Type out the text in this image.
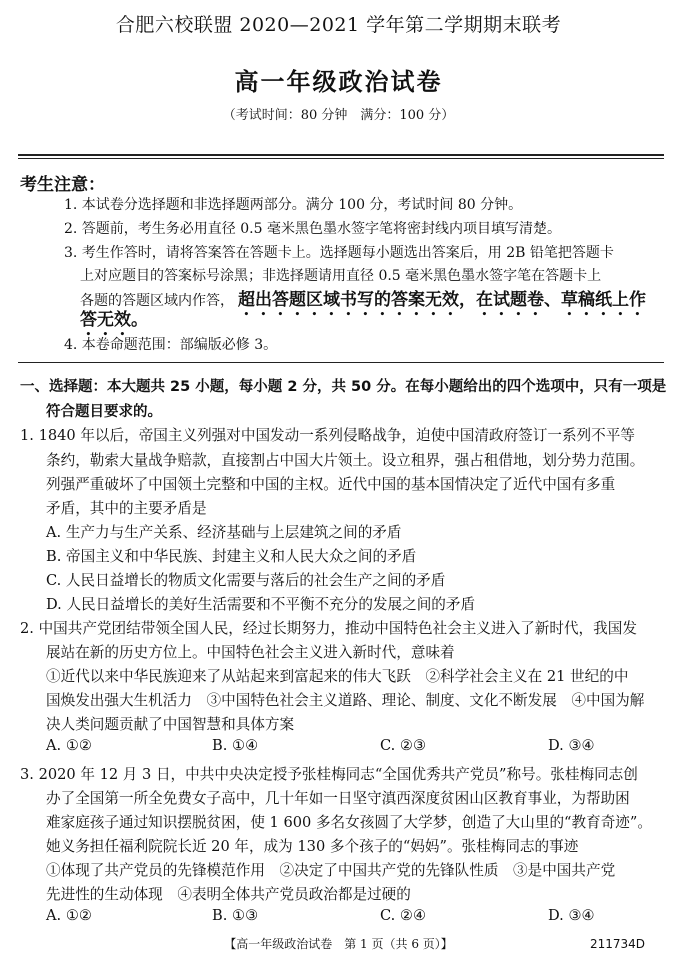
合肥六校联盟 2020—2021 学年第二学期期末联考
高一年级政治试卷
（考试时间：80 分钟　满分：100 分）
考生注意：
1. 本试卷分选择题和非选择题两部分。满分 100 分，考试时间 80 分钟。
2. 答题前，考生务必用直径 0.5 毫米黑色墨水签字笔将密封线内项目填写清楚。
3. 考生作答时，请将答案答在答题卡上。选择题每小题选出答案后，用 2B 铅笔把答题卡
上对应题目的答案标号涂黑；非选择题请用直径 0.5 毫米黑色墨水签字笔在答题卡上
各题的答题区域内作答， 超出答题区域书写的答案无效，在试题卷、草稿纸上作
答无效。
4. 本卷命题范围：部编版必修 3。
一、选择题：本大题共 25 小题，每小题 2 分，共 50 分。在每小题给出的四个选项中，只有一项是
符合题目要求的。
1. 1840 年以后，帝国主义列强对中国发动一系列侵略战争，迫使中国清政府签订一系列不平等
条约，勒索大量战争赔款，直接割占中国大片领土。设立租界，强占租借地，划分势力范围。
列强严重破坏了中国领土完整和中国的主权。近代中国的基本国情决定了近代中国有多重
矛盾，其中的主要矛盾是
A. 生产力与生产关系、经济基础与上层建筑之间的矛盾
B. 帝国主义和中华民族、封建主义和人民大众之间的矛盾
C. 人民日益增长的物质文化需要与落后的社会生产之间的矛盾
D. 人民日益增长的美好生活需要和不平衡不充分的发展之间的矛盾
2. 中国共产党团结带领全国人民，经过长期努力，推动中国特色社会主义进入了新时代，我国发
展站在新的历史方位上。中国特色社会主义进入新时代，意味着
①近代以来中华民族迎来了从站起来到富起来的伟大飞跃　②科学社会主义在 21 世纪的中
国焕发出强大生机活力　③中国特色社会主义道路、理论、制度、文化不断发展　④中国为解
决人类问题贡献了中国智慧和具体方案
A. ①②	B. ①④	C. ②③	D. ③④
3. 2020 年 12 月 3 日，中共中央决定授予张桂梅同志“全国优秀共产党员”称号。张桂梅同志创
办了全国第一所全免费女子高中，几十年如一日坚守滇西深度贫困山区教育事业，为帮助困
难家庭孩子通过知识摆脱贫困，使 1 600 多名女孩圆了大学梦，创造了大山里的“教育奇迹”。
她义务担任福利院院长近 20 年，成为 130 多个孩子的“妈妈”。张桂梅同志的事迹
①体现了共产党员的先锋模范作用　②决定了中国共产党的先锋队性质　③是中国共产党
先进性的生动体现　④表明全体共产党员政治都是过硬的
A. ①②	B. ①③	C. ②④	D. ③④
【高一年级政治试卷　第 1 页（共 6 页）】	211734D
